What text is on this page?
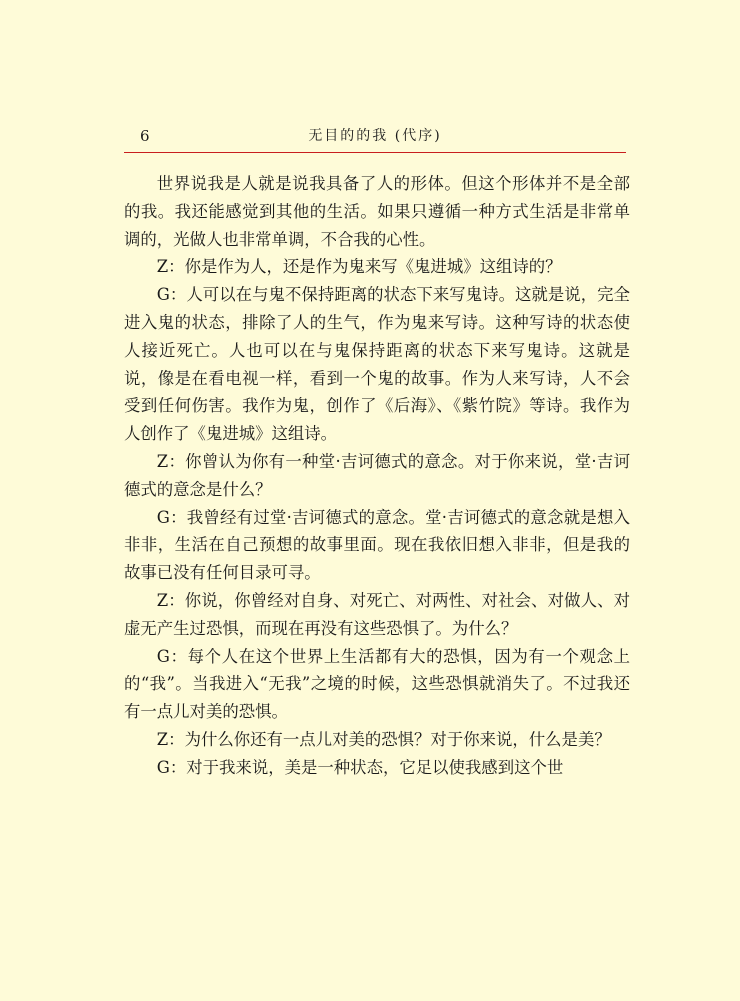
6	无目的的我 (代序)

世界说我是人就是说我具备了人的形体。但这个形体并不是全部的我。我还能感觉到其他的生活。如果只遵循一种方式生活是非常单调的，光做人也非常单调，不合我的心性。

Z：你是作为人，还是作为鬼来写《鬼进城》这组诗的？

G：人可以在与鬼不保持距离的状态下来写鬼诗。这就是说，完全进入鬼的状态，排除了人的生气，作为鬼来写诗。这种写诗的状态使人接近死亡。人也可以在与鬼保持距离的状态下来写鬼诗。这就是说，像是在看电视一样，看到一个鬼的故事。作为人来写诗，人不会受到任何伤害。我作为鬼，创作了《后海》、《紫竹院》等诗。我作为人创作了《鬼进城》这组诗。

Z：你曾认为你有一种堂·吉诃德式的意念。对于你来说，堂·吉诃德式的意念是什么？

G：我曾经有过堂·吉诃德式的意念。堂·吉诃德式的意念就是想入非非，生活在自己预想的故事里面。现在我依旧想入非非，但是我的故事已没有任何目录可寻。

Z：你说，你曾经对自身、对死亡、对两性、对社会、对做人、对虚无产生过恐惧，而现在再没有这些恐惧了。为什么？

G：每个人在这个世界上生活都有大的恐惧，因为有一个观念上的“我”。当我进入“无我”之境的时候，这些恐惧就消失了。不过我还有一点儿对美的恐惧。

Z：为什么你还有一点儿对美的恐惧？对于你来说，什么是美？

G：对于我来说，美是一种状态，它足以使我感到这个世
